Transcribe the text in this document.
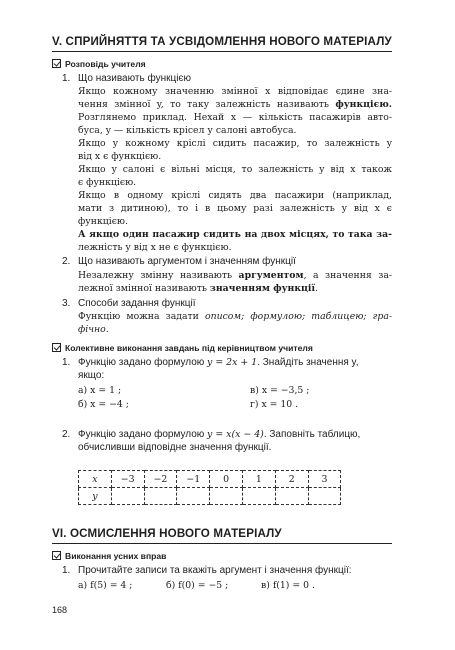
V. СПРИЙНЯТТЯ ТА УСВІДОМЛЕННЯ НОВОГО МАТЕРІАЛУ
Розповідь учителя
1. Що називають функцією
Якщо кожному значенню змінної x відповідає єдине зна-
чення змінної y, то таку залежність називають функцією.
Розглянемо приклад. Нехай x — кількість пасажирів авто-
буса, y — кількість крісел у салоні автобуса.
Якщо у кожному кріслі сидить пасажир, то залежність y
від x є функцією.
Якщо у салоні є вільні місця, то залежність y від x також
є функцією.
Якщо в одному кріслі сидять два пасажири (наприклад,
мати з дитиною), то і в цьому разі залежність y від x є
функцією.
А якщо один пасажир сидить на двох місцях, то така за-
лежність y від x не є функцією.
2. Що називають аргументом і значенням функції
Незалежну змінну називають аргументом, а значення за-
лежної змінної називають значенням функції.
3. Способи задання функції
Функцію можна задати описом; формулою; таблицею; гра-
фічно.
Колективне виконання завдань під керівництвом учителя
1. Функцію задано формулою y = 2x + 1. Знайдіть значення y,
якщо:
а) x = 1 ;	в) x = −3,5 ;
б) x = −4 ;	г) x = 10 .
2. Функцію задано формулою y = x(x − 4). Заповніть таблицю,
обчисливши відповідне значення функції.
x	−3	−2	−1	0	1	2	3
y							
VI. ОСМИСЛЕННЯ НОВОГО МАТЕРІАЛУ
Виконання усних вправ
1. Прочитайте записи та вкажіть аргумент і значення функції:
а) f(5) = 4 ;	б) f(0) = −5 ;	в) f(1) = 0 .
168
